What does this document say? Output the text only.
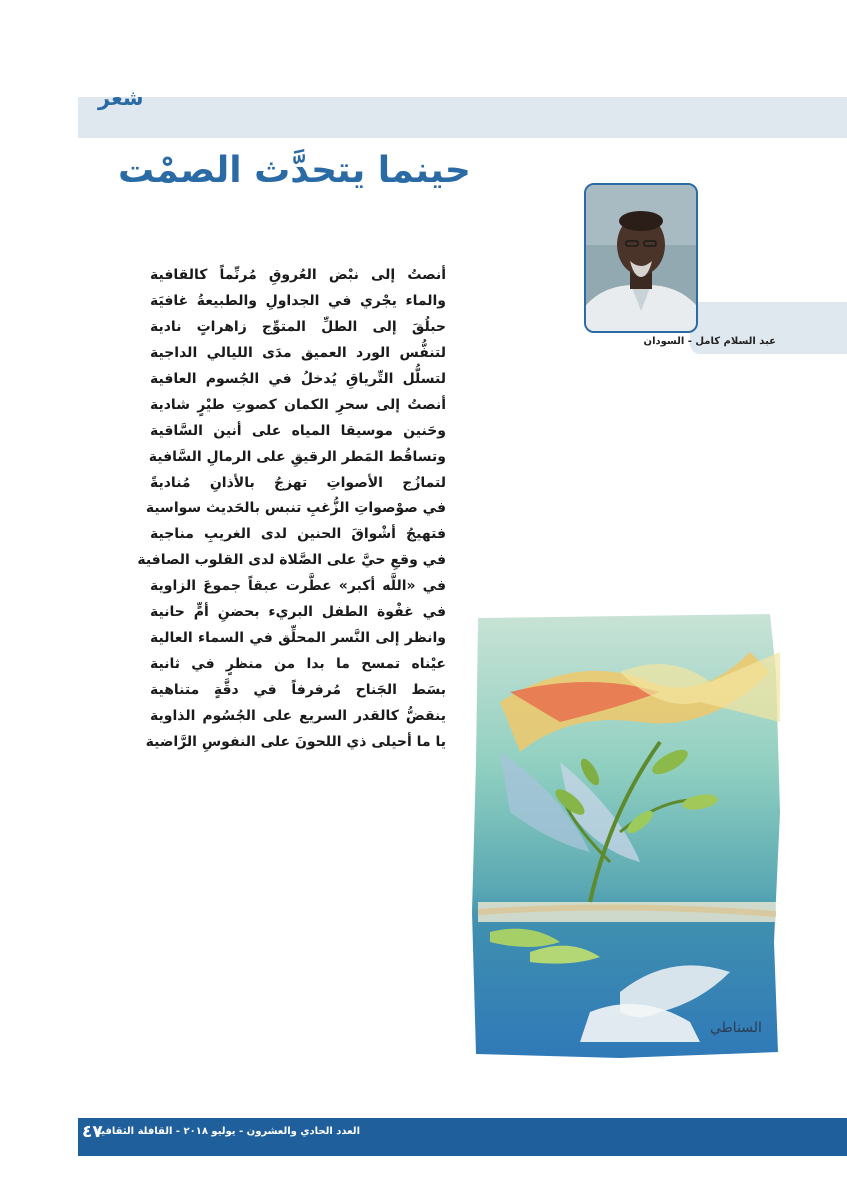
شعر
حينما يتحدَّث الصمْت
عبد السلام كامل - السودان
أنصتُ إلى نبْض العُروقِ مُرنِّماً كالقافية
والماء يجْري في الجداولِ والطبيعةُ غافيَة
حبلُقَ إلى الطلِّ المتوِّج زاهراتٍ نادية
لتنفُّس الورد العميق مدَى الليالي الداجية
لتسلُّل التِّرياقِ يُدخلُ في الجُسوم العافية
أنصتُ إلى سحرِ الكمان كصوتِ طيْرٍ شادية
وحَنين موسيقا المياه على أنين السَّاقية
وتساقُط المَطر الرقيقِ على الرمالِ السَّافية
لتمازُج الأصواتِ تهزجُ بالأذانِ مُناديةً
في صوْصواتِ الزُّغبِ تنبس بالحَديث سواسية
فتهيجُ أشْواقَ الحنين لدى الغريبِ مناجية
في وقعِ حيَّ على الصَّلاة لدى القلوب الصافية
في «اللَّه أكبر» عطَّرت عبقاً جموعَ الزاوية
في غفْوة الطفل البريء بحضنِ أمٍّ حانية
وانظر إلى النَّسر المحلِّق في السماء العالية
عيْناه تمسح ما بدا من منظرٍ في ثانية
بسَط الجَناح مُرفرفاً في دقَّةٍ متناهية
ينقضُّ كالقدر السريع على الجُسُوم الذاوية
يا ما أحيلى ذي اللحونَ على النفوسِ الرَّاضية
السناطي
٤٧
العدد الحادي والعشرون - يوليو ٢٠١٨ - القافلة الثقافية
